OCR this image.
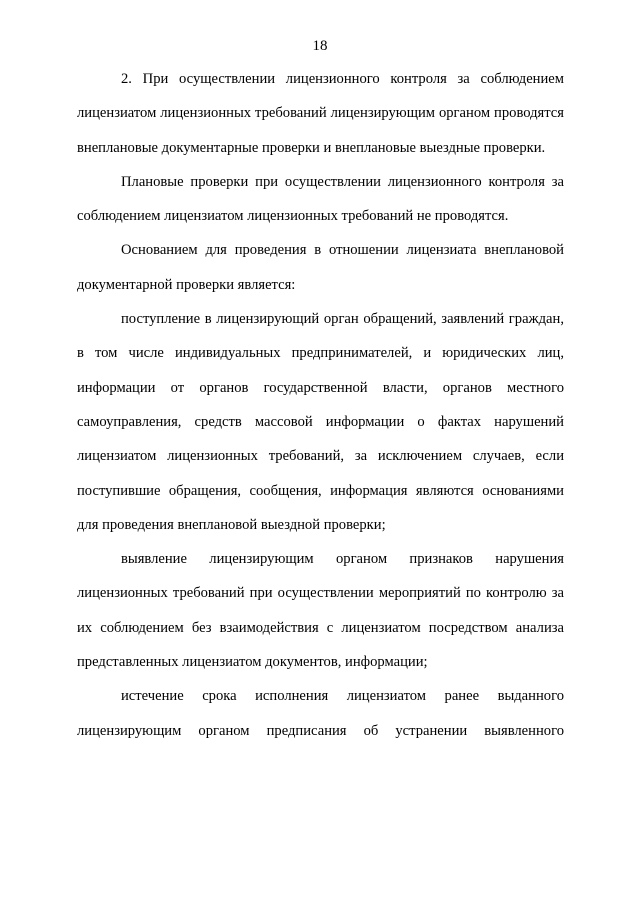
18

2. При осуществлении лицензионного контроля за соблюдением лицензиатом лицензионных требований лицензирующим органом проводятся внеплановые документарные проверки и внеплановые выездные проверки.

Плановые проверки при осуществлении лицензионного контроля за соблюдением лицензиатом лицензионных требований не проводятся.

Основанием для проведения в отношении лицензиата внеплановой документарной проверки является:

поступление в лицензирующий орган обращений, заявлений граждан, в том числе индивидуальных предпринимателей, и юридических лиц, информации от органов государственной власти, органов местного самоуправления, средств массовой информации о фактах нарушений лицензиатом лицензионных требований, за исключением случаев, если поступившие обращения, сообщения, информация являются основаниями для проведения внеплановой выездной проверки;

выявление лицензирующим органом признаков нарушения лицензионных требований при осуществлении мероприятий по контролю за их соблюдением без взаимодействия с лицензиатом посредством анализа представленных лицензиатом документов, информации;

истечение срока исполнения лицензиатом ранее выданного лицензирующим органом предписания об устранении выявленного
